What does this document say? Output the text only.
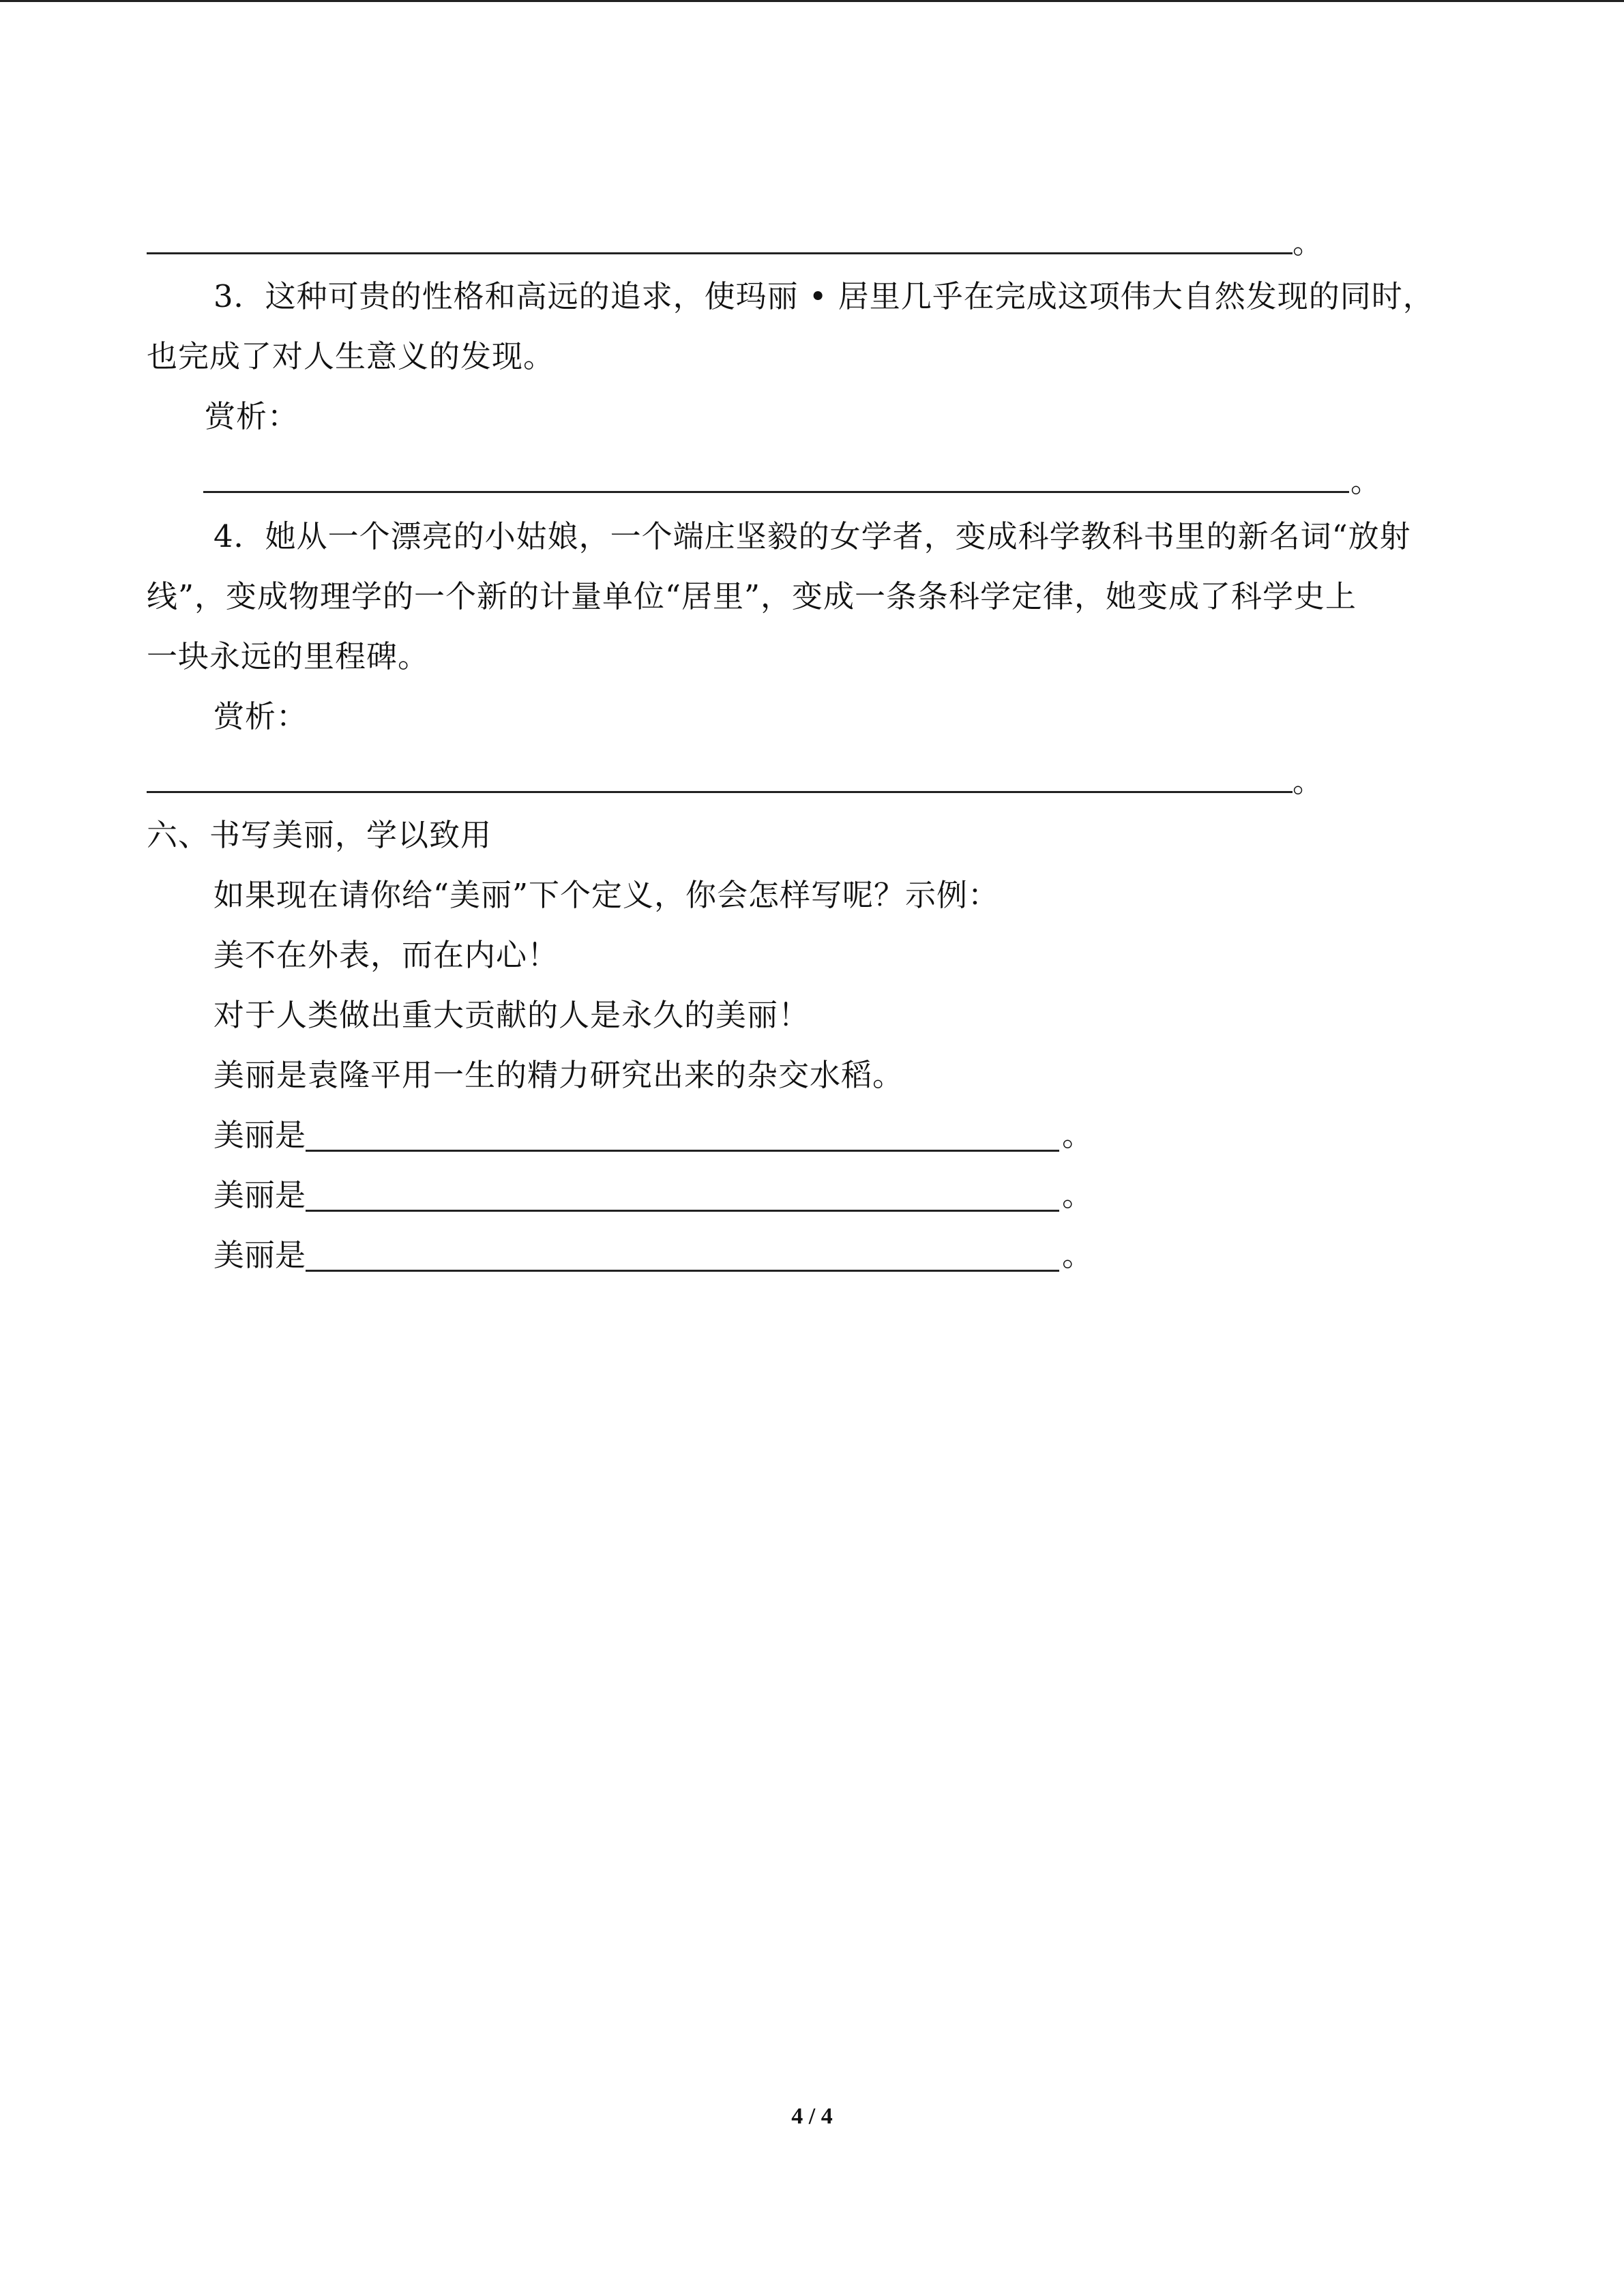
。
3．这种可贵的性格和高远的追求，使玛丽 • 居里几乎在完成这项伟大自然发现的同时，
也完成了对人生意义的发现。
赏析：
。
4．她从一个漂亮的小姑娘，一个端庄坚毅的女学者，变成科学教科书里的新名词“放射
线”，变成物理学的一个新的计量单位“居里”，变成一条条科学定律，她变成了科学史上
一块永远的里程碑。
赏析：
。
六、书写美丽，学以致用
如果现在请你给“美丽”下个定义，你会怎样写呢？示例：
美不在外表，而在内心！
对于人类做出重大贡献的人是永久的美丽！
美丽是袁隆平用一生的精力研究出来的杂交水稻。
美丽是	。
美丽是	。
美丽是	。
4 / 4
